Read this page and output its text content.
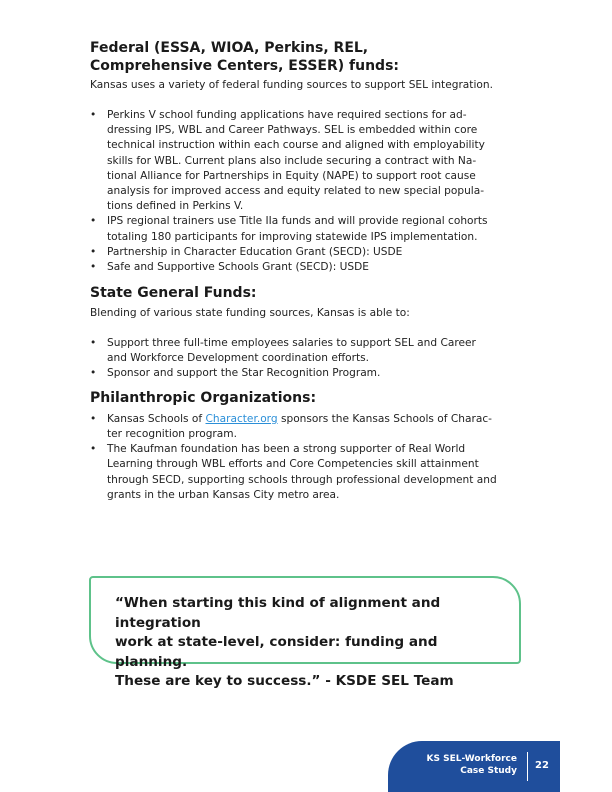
Federal (ESSA, WIOA, Perkins, REL,
Comprehensive Centers, ESSER) funds:

Kansas uses a variety of federal funding sources to support SEL integration.

• Perkins V school funding applications have required sections for ad-
dressing IPS, WBL and Career Pathways. SEL is embedded within core
technical instruction within each course and aligned with employability
skills for WBL. Current plans also include securing a contract with Na-
tional Alliance for Partnerships in Equity (NAPE) to support root cause
analysis for improved access and equity related to new special popula-
tions defined in Perkins V.
• IPS regional trainers use Title IIa funds and will provide regional cohorts
totaling 180 participants for improving statewide IPS implementation.
• Partnership in Character Education Grant (SECD): USDE
• Safe and Supportive Schools Grant (SECD): USDE
State General Funds:

Blending of various state funding sources, Kansas is able to:

• Support three full-time employees salaries to support SEL and Career
and Workforce Development coordination efforts.
• Sponsor and support the Star Recognition Program.
Philanthropic Organizations:
• Kansas Schools of Character.org sponsors the Kansas Schools of Charac-
ter recognition program.
• The Kaufman foundation has been a strong supporter of Real World
Learning through WBL efforts and Core Competencies skill attainment
through SECD, supporting schools through professional development and
grants in the urban Kansas City metro area.
“When starting this kind of alignment and integration
work at state-level, consider: funding and planning.
These are key to success.” - KSDE SEL Team
KS SEL-Workforce
Case Study 22
